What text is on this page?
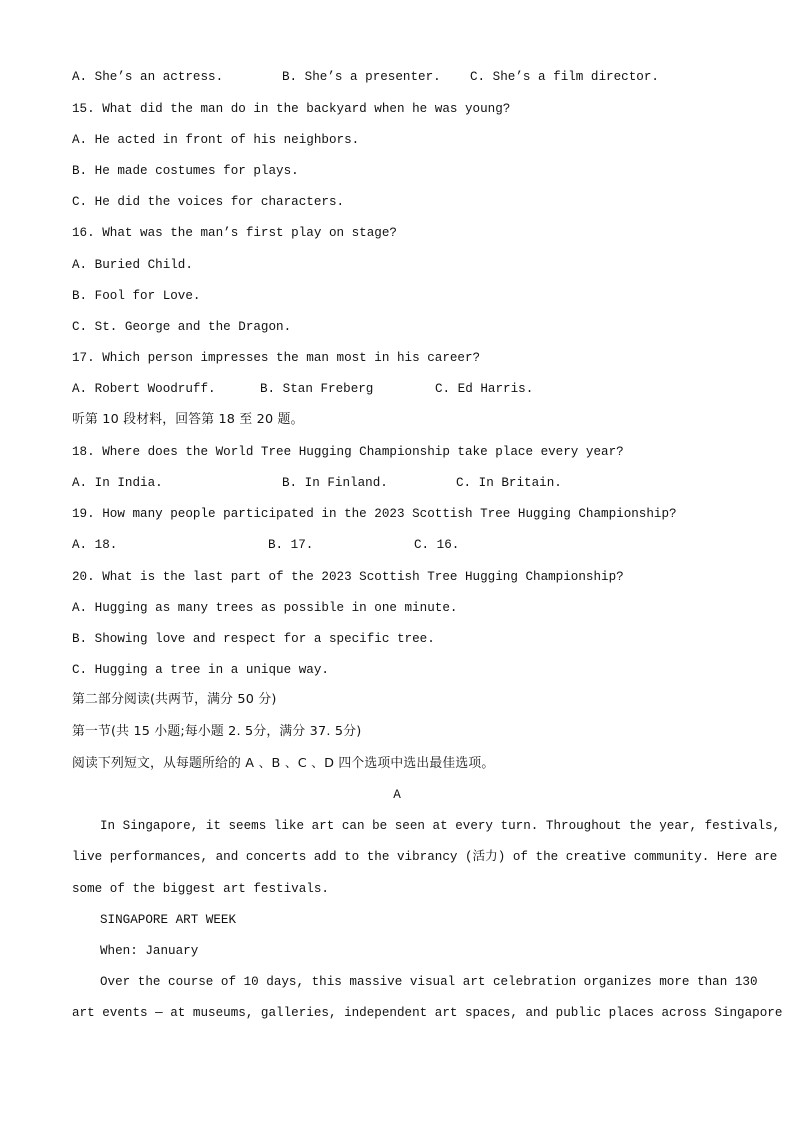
A. She’s an actress.	B. She’s a presenter. C. She’s a film director.
15. What did the man do in the backyard when he was young?
A. He acted in front of his neighbors.
B. He made costumes for plays.
C. He did the voices for characters.
16. What was the man’s first play on stage?
A. Buried Child.
B. Fool for Love.
C. St. George and the Dragon.
17. Which person impresses the man most in his career?
A. Robert Woodruff.	B. Stan Freberg	C. Ed Harris.
听第 10 段材料，回答第 18 至 20 题。
18. Where does the World Tree Hugging Championship take place every year?
A. In India.	B. In Finland.	C. In Britain.
19. How many people participated in the 2023 Scottish Tree Hugging Championship?
A. 18.	B. 17.	C. 16.
20. What is the last part of the 2023 Scottish Tree Hugging Championship?
A. Hugging as many trees as possible in one minute.
B. Showing love and respect for a specific tree.
C. Hugging a tree in a unique way.
第二部分阅读(共两节，满分 50 分)
第一节(共 15 小题;每小题 2. 5分，满分 37. 5分)
阅读下列短文，从每题所给的 A 、B 、C 、D 四个选项中选出最佳选项。
A
In Singapore, it seems like art can be seen at every turn. Throughout the year, festivals,
live performances, and concerts add to the vibrancy (活力) of the creative community. Here are
some of the biggest art festivals.
SINGAPORE ART WEEK
When: January
Over the course of 10 days, this massive visual art celebration organizes more than 130
art events — at museums, galleries, independent art spaces, and public places across Singapore
